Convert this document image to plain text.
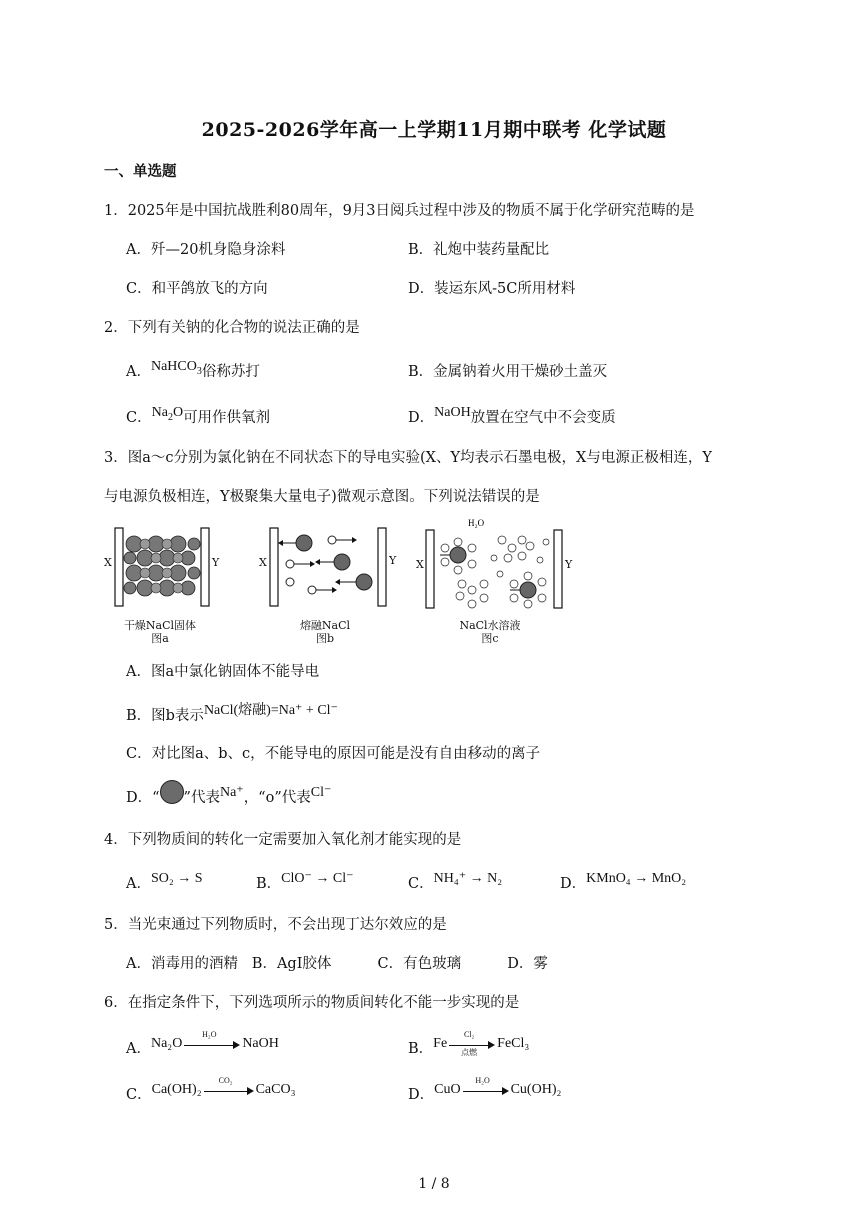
2025-2026学年高一上学期11月期中联考 化学试题
一、单选题
1．2025年是中国抗战胜利80周年，9月3日阅兵过程中涉及的物质不属于化学研究范畴的是
A．歼—20机身隐身涂料	B．礼炮中装药量配比
C．和平鸽放飞的方向	D．装运东风-5C所用材料
2．下列有关钠的化合物的说法正确的是
A．NaHCO$_3$俗称苏打	B．金属钠着火用干燥砂土盖灭
C．$Na_2O$可用作供氧剂	D．NaOH放置在空气中不会变质
3．图a～c分别为氯化钠在不同状态下的导电实验(X、Y均表示石墨电极，X与电源正极相连，Y
与电源负极相连，Y极聚集大量电子)微观示意图。下列说法错误的是
H₂O
X	Y	X	Y X	Y
干燥NaCl固体
图a
熔融NaCl
图b
NaCl水溶液
图c
A．图a中氯化钠固体不能导电
B．图b表示NaCl(熔融)=Na⁺ + Cl⁻
C．对比图a、b、c，不能导电的原因可能是没有自由移动的离子
D．“ ”代表Na⁺，“o”代表Cl⁻
4．下列物质间的转化一定需要加入氧化剂才能实现的是
A．SO₂ → S	B．ClO⁻ → Cl⁻	C．NH₄⁺ → N₂	D．KMnO₄ → MnO₂
5．当光束通过下列物质时，不会出现丁达尔效应的是
A．消毒用的酒精   B．AgI胶体          C．有色玻璃          D．雾
6．在指定条件下，下列选项所示的物质间转化不能一步实现的是
A．Na₂O
H₂O
NaOH	B．Fe
Cl₂
点燃
FeCl₃
C．Ca(OH)₂
CO₂
CaCO₃	D．CuO
H₂O
Cu(OH)₂
1 / 8
